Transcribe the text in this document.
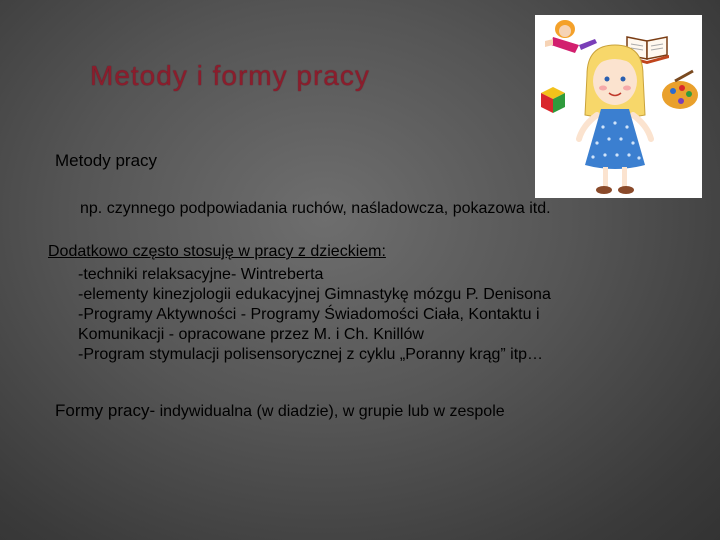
Metody i formy pracy
Metody pracy
np. czynnego podpowiadania ruchów, naśladowcza, pokazowa itd.
Dodatkowo często stosuję w pracy z dzieckiem:
-techniki relaksacyjne- Wintreberta
-elementy kinezjologii edukacyjnej Gimnastykę mózgu P. Denisona
-Programy Aktywności - Programy Świadomości Ciała, Kontaktu i
Komunikacji - opracowane przez M. i Ch. Knillów
-Program stymulacji polisensorycznej z cyklu „Poranny krąg” itp…
Formy pracy- indywidualna (w diadzie), w grupie lub w zespole
